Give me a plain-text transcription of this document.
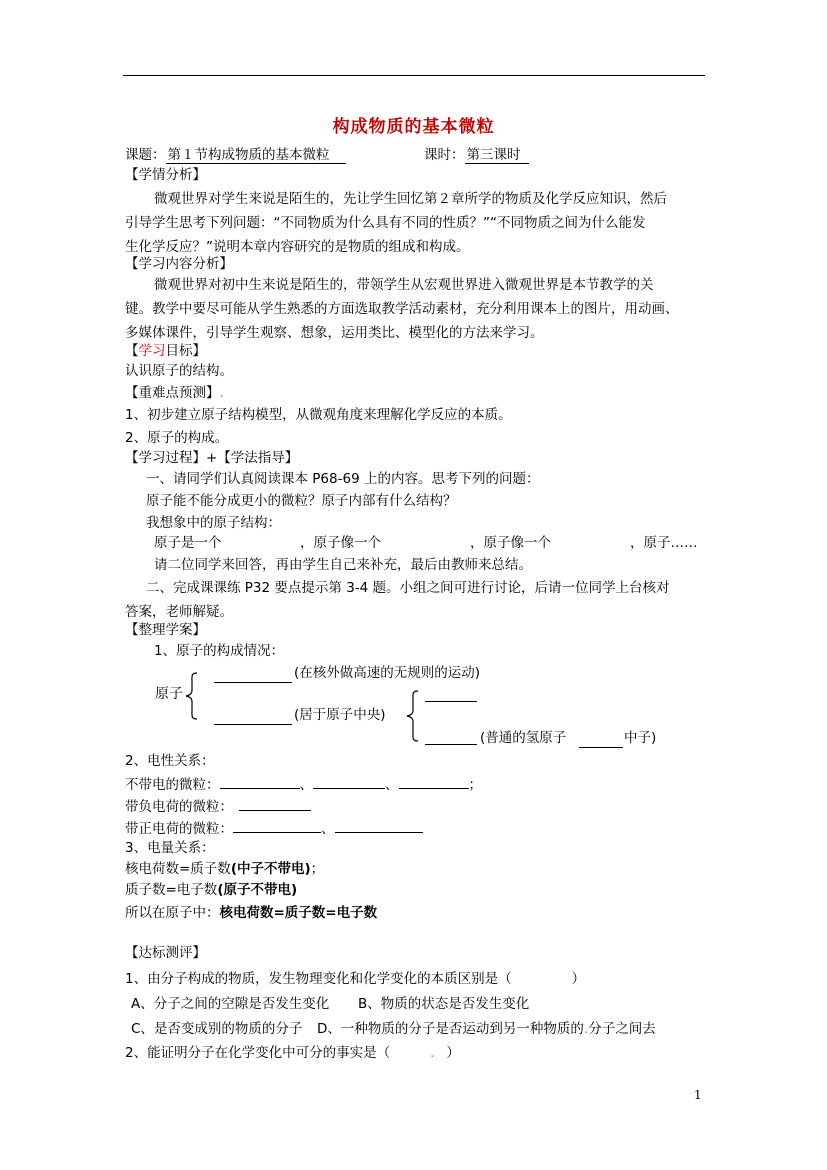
构成物质的基本微粒
课题： 第１节构成物质的基本微粒	课时： 第三课时
【学情分析】
微观世界对学生来说是陌生的，先让学生回忆第２章所学的物质及化学反应知识，然后
引导学生思考下列问题：“不同物质为什么具有不同的性质？”“不同物质之间为什么能发
生化学反应？”说明本章内容研究的是物质的组成和构成。
【学习内容分析】
微观世界对初中生来说是陌生的，带领学生从宏观世界进入微观世界是本节教学的关
键。教学中要尽可能从学生熟悉的方面选取教学活动素材，充分利用课本上的图片，用动画、
多媒体课件，引导学生观察、想象，运用类比、模型化的方法来学习。
【学习目标】
认识原子的结构。
【重难点预测】.
1、初步建立原子结构模型，从微观角度来理解化学反应的本质。
2、原子的构成。
【学习过程】+【学法指导】
一、请同学们认真阅读课本 P68-69 上的内容。思考下列的问题：
原子能不能分成更小的微粒？原子内部有什么结构？
我想象中的原子结构：
原子是一个	，原子像一个	，原子像一个	，原子……
请二位同学来回答，再由学生自己来补充，最后由教师来总结。
二、完成课课练 P32 要点提示第 3-4 题。小组之间可进行讨论，后请一位同学上台核对
答案，老师解疑。
【整理学案】
1、原子的构成情况：
原子
(在核外做高速的无规则的运动)
(居于原子中央)
(普通的氢原子	中子)
2、电性关系：
不带电的微粒：	、	、	；
带负电荷的微粒：
带正电荷的微粒：	、
3、电量关系：
核电荷数=质子数(中子不带电)；
质子数=电子数(原子不带电)
所以在原子中：核电荷数=质子数=电子数
【达标测评】
1、由分子构成的物质，发生物理变化和化学变化的本质区别是（	）
A、分子之间的空隙是否发生变化 B、物质的状态是否发生变化
C、是否变成别的物质的分子 D、一种物质的分子是否运动到另一种物质的.分子之间去
2、能证明分子在化学变化中可分的事实是（	. ）
1
